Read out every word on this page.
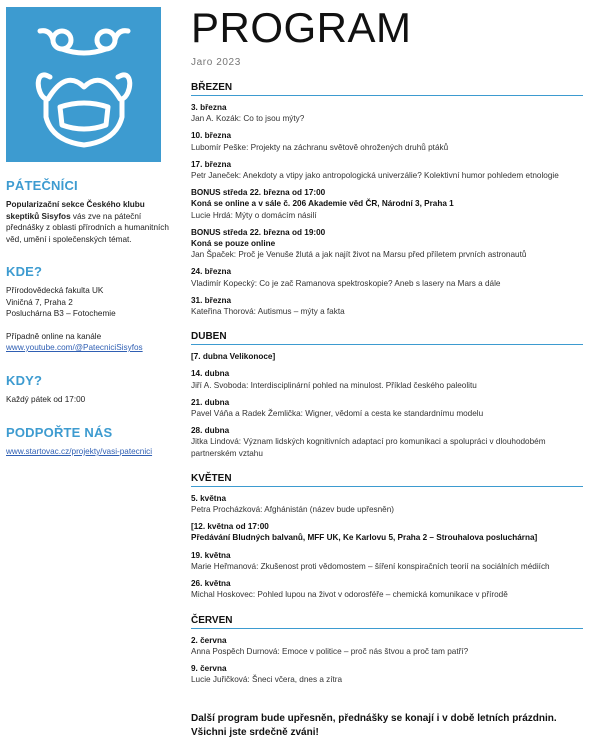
PÁTEČNÍCI
Popularizační sekce Českého klubu skeptiků Sisyfos vás zve na páteční přednášky z oblasti přírodních a humanitních věd, umění i společenských témat.
KDE?
Přírodovědecká fakulta UK
Viničná 7, Praha 2
Posluchárna B3 – Fotochemie
Případně online na kanále
www.youtube.com/@PatecniciSisyfos
KDY?
Každý pátek od 17:00
PODPOŘTE NÁS
www.startovac.cz/projekty/vasi-patecnici
PROGRAM
Jaro 2023
BŘEZEN
3. března
Jan A. Kozák: Co to jsou mýty?
10. března
Lubomír Peške: Projekty na záchranu světově ohrožených druhů ptáků
17. března
Petr Janeček: Anekdoty a vtipy jako antropologická univerzálie? Kolektivní humor pohledem etnologie
BONUS středa 22. března od 17:00
Koná se online a v sále č. 206 Akademie věd ČR, Národní 3, Praha 1
Lucie Hrdá: Mýty o domácím násilí
BONUS středa 22. března od 19:00
Koná se pouze online
Jan Špaček: Proč je Venuše žlutá a jak najít život na Marsu před příletem prvních astronautů
24. března
Vladimír Kopecký: Co je zač Ramanova spektroskopie? Aneb s lasery na Mars a dále
31. března
Kateřina Thorová: Autismus – mýty a fakta
DUBEN
[7. dubna Velikonoce]
14. dubna
Jiří A. Svoboda: Interdisciplinární pohled na minulost. Příklad českého paleolitu
21. dubna
Pavel Váňa a Radek Žemlička: Wigner, vědomí a cesta ke standardnímu modelu
28. dubna
Jitka Lindová: Význam lidských kognitivních adaptací pro komunikaci a spolupráci v dlouhodobém partnerském vztahu
KVĚTEN
5. května
Petra Procházková: Afghánistán (název bude upřesněn)
[12. května od 17:00
Předávání Bludných balvanů, MFF UK, Ke Karlovu 5, Praha 2 – Strouhalova posluchárna]
19. května
Marie Heřmanová: Zkušenost proti vědomostem – šíření konspiračních teorií na sociálních médiích
26. května
Michal Hoskovec: Pohled lupou na život v odorosféře – chemická komunikace v přírodě
ČERVEN
2. června
Anna Pospěch Durnová: Emoce v politice – proč nás štvou a proč tam patří?
9. června
Lucie Juřičková: Šneci včera, dnes a zítra
Další program bude upřesněn, přednášky se konají i v době letních prázdnin.
Všichni jste srdečně zváni!
